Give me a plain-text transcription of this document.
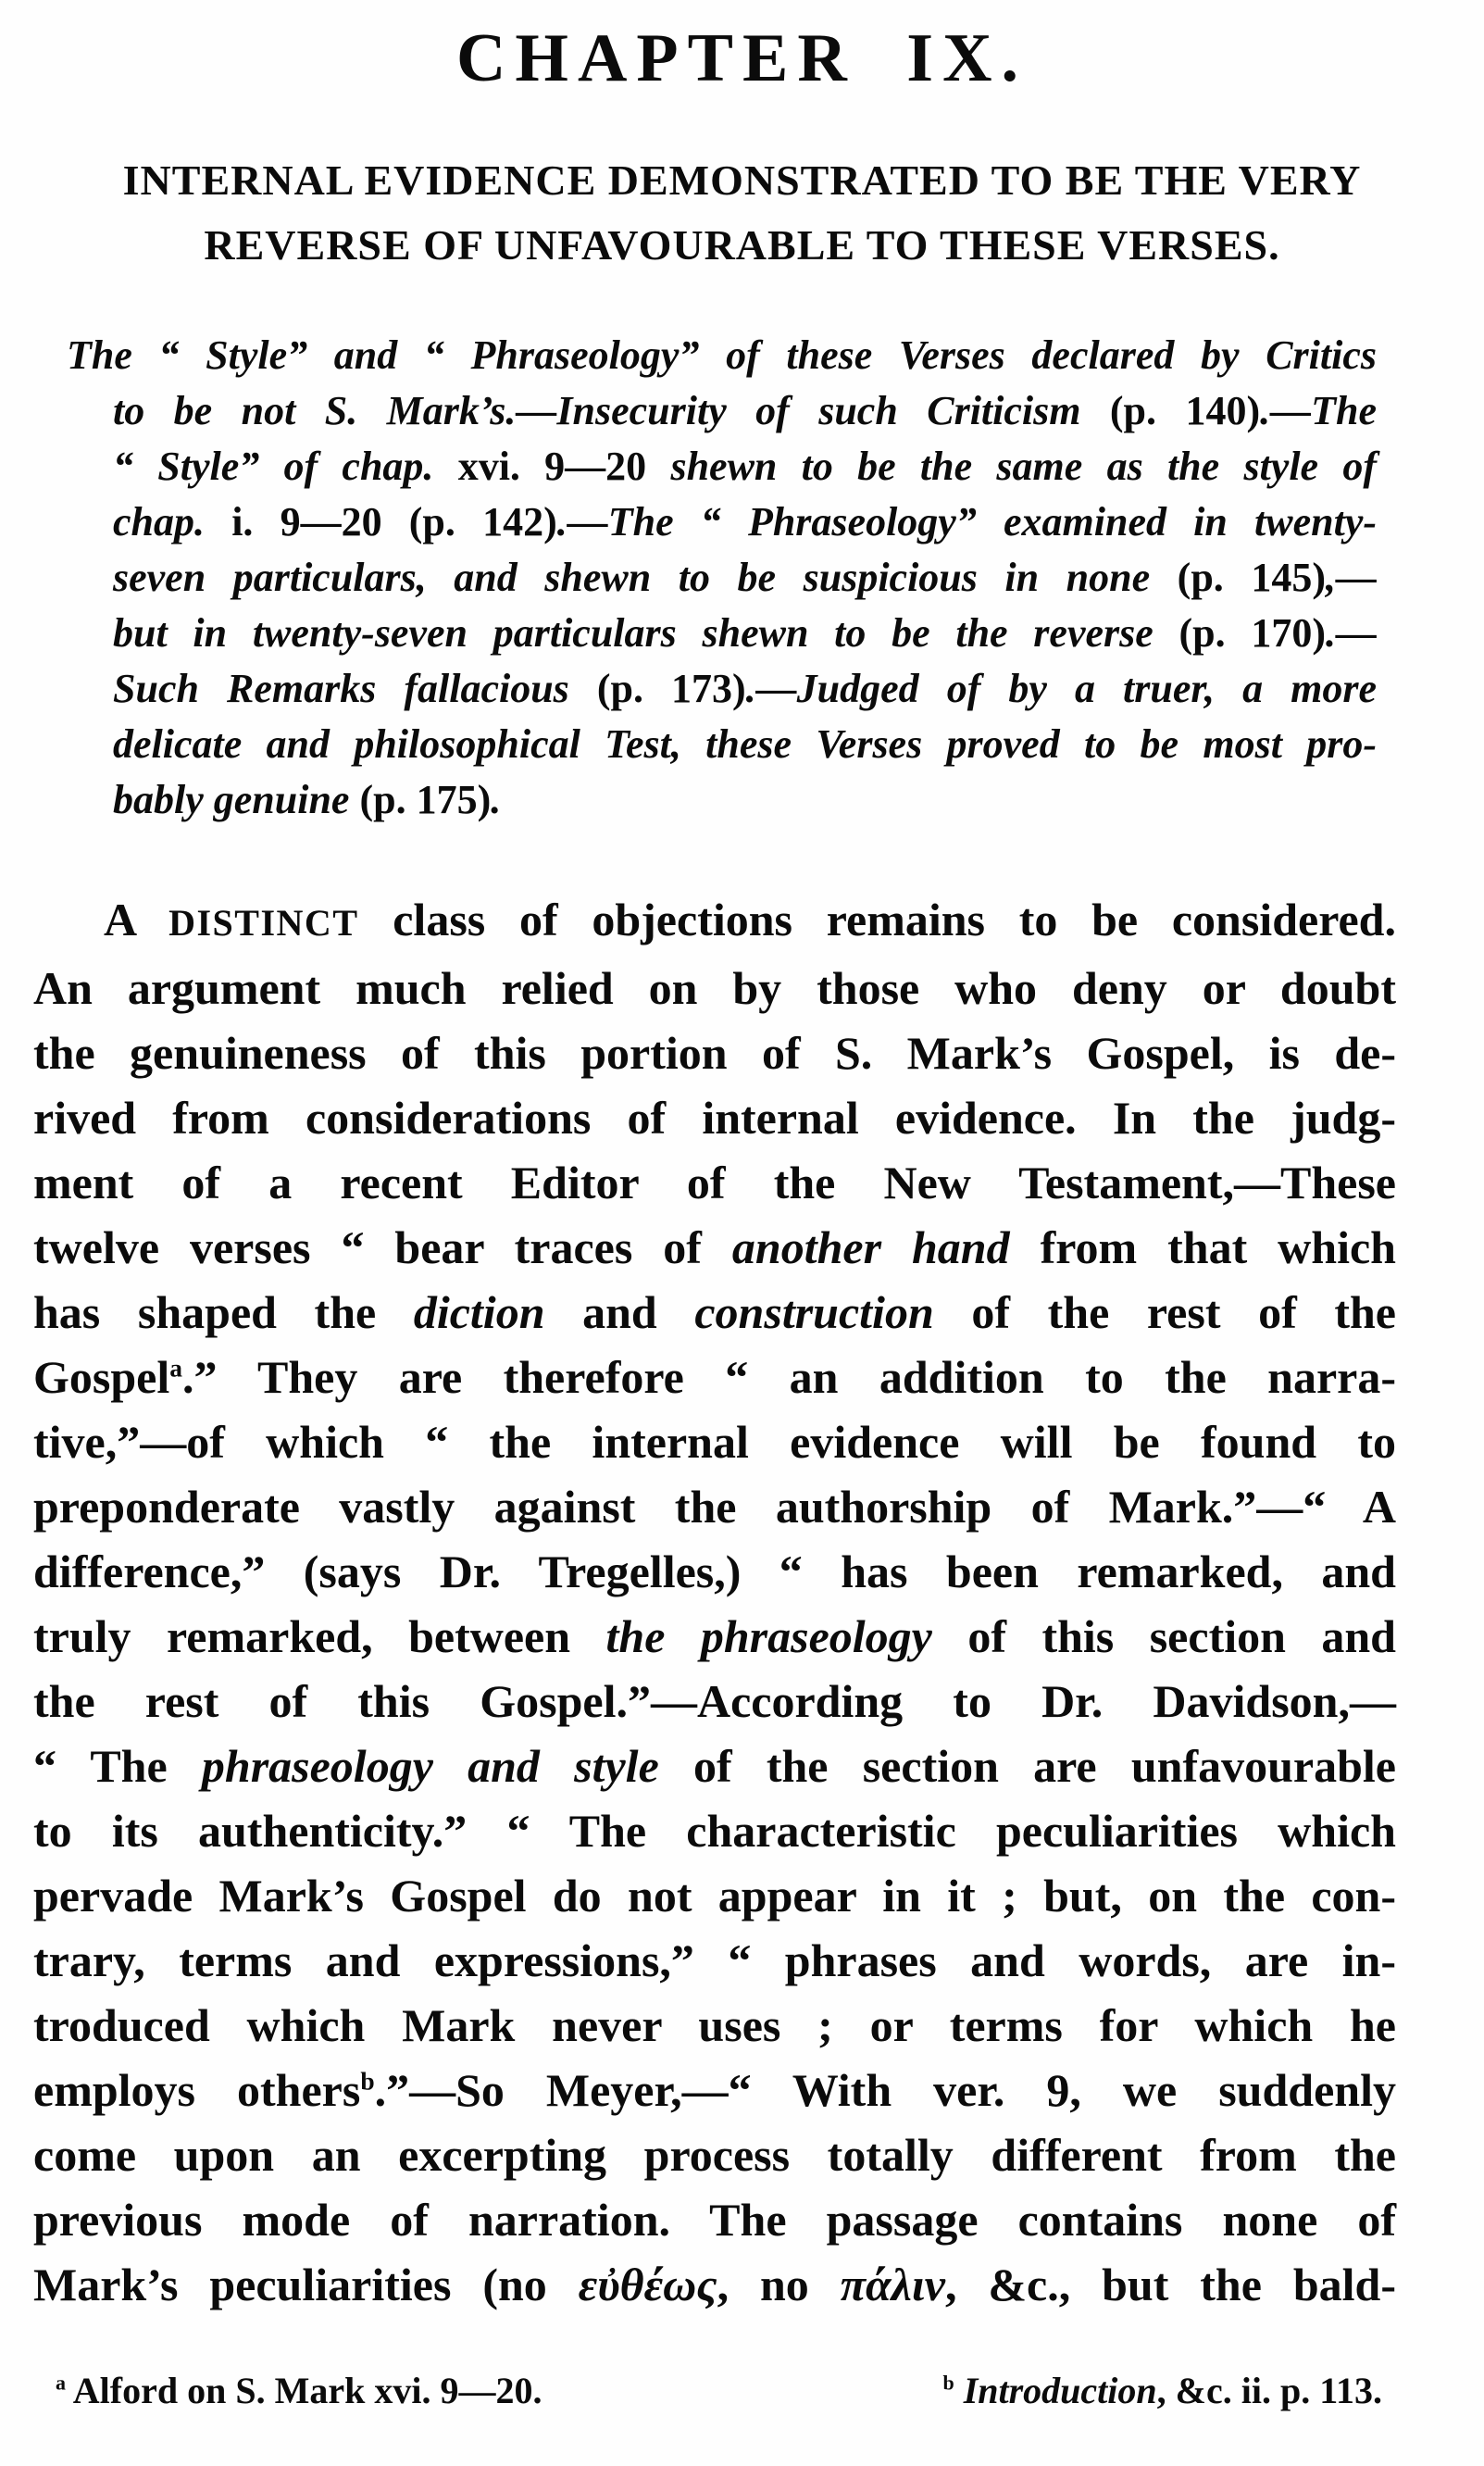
CHAPTER IX.
INTERNAL EVIDENCE DEMONSTRATED TO BE THE VERY
REVERSE OF UNFAVOURABLE TO THESE VERSES.
The “ Style” and “ Phraseology” of these Verses declared by Critics
to be not S. Mark’s.—Insecurity of such Criticism (p. 140).—The
“ Style” of chap. xvi. 9—20 shewn to be the same as the style of
chap. i. 9—20 (p. 142).—The “ Phraseology” examined in twenty-
seven particulars, and shewn to be suspicious in none (p. 145),—
but in twenty-seven particulars shewn to be the reverse (p. 170).—
Such Remarks fallacious (p. 173).—Judged of by a truer, a more
delicate and philosophical Test, these Verses proved to be most pro-
bably genuine (p. 175).
A DISTINCT class of objections remains to be considered.
An argument much relied on by those who deny or doubt
the genuineness of this portion of S. Mark’s Gospel, is de-
rived from considerations of internal evidence. In the judg-
ment of a recent Editor of the New Testament,—These
twelve verses “ bear traces of another hand from that which
has shaped the diction and construction of the rest of the
Gospel$^a$.” They are therefore “ an addition to the narra-
tive,”—of which “ the internal evidence will be found to
preponderate vastly against the authorship of Mark.”—“ A
difference,” (says Dr. Tregelles,) “ has been remarked, and
truly remarked, between the phraseology of this section and
the rest of this Gospel.”—According to Dr. Davidson,—
“ The phraseology and style of the section are unfavourable
to its authenticity.” “ The characteristic peculiarities which
pervade Mark’s Gospel do not appear in it ; but, on the con-
trary, terms and expressions,” “ phrases and words, are in-
troduced which Mark never uses ; or terms for which he
employs others$^b$.”—So Meyer,—“ With ver. 9, we suddenly
come upon an excerpting process totally different from the
previous mode of narration. The passage contains none of
Mark’s peculiarities (no εὐθέως, no πάλιν, &c., but the bald-
$^a$ Alford on S. Mark xvi. 9—20.	$^b$ Introduction, &c. ii. p. 113.
